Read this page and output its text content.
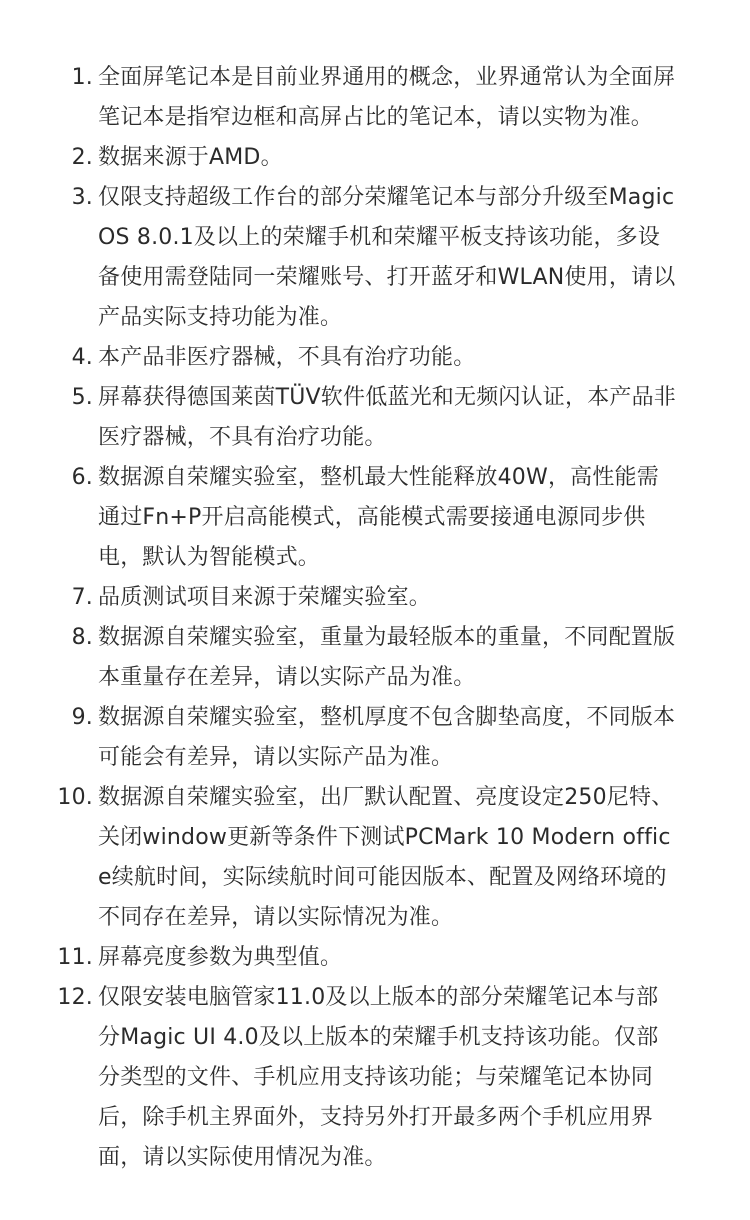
1. 全面屏笔记本是目前业界通用的概念，业界通常认为全面屏笔记本是指窄边框和高屏占比的笔记本，请以实物为准。
2. 数据来源于AMD。
3. 仅限支持超级工作台的部分荣耀笔记本与部分升级至MagicOS 8.0.1及以上的荣耀手机和荣耀平板支持该功能，多设备使用需登陆同一荣耀账号、打开蓝牙和WLAN使用，请以产品实际支持功能为准。
4. 本产品非医疗器械，不具有治疗功能。
5. 屏幕获得德国莱茵TÜV软件低蓝光和无频闪认证，本产品非医疗器械，不具有治疗功能。
6. 数据源自荣耀实验室，整机最大性能释放40W，高性能需通过Fn+P开启高能模式，高能模式需要接通电源同步供电，默认为智能模式。
7. 品质测试项目来源于荣耀实验室。
8. 数据源自荣耀实验室，重量为最轻版本的重量，不同配置版本重量存在差异，请以实际产品为准。
9. 数据源自荣耀实验室，整机厚度不包含脚垫高度，不同版本可能会有差异，请以实际产品为准。
10. 数据源自荣耀实验室，出厂默认配置、亮度设定250尼特、关闭window更新等条件下测试PCMark 10 Modern office续航时间，实际续航时间可能因版本、配置及网络环境的不同存在差异，请以实际情况为准。
11. 屏幕亮度参数为典型值。
12. 仅限安装电脑管家11.0及以上版本的部分荣耀笔记本与部分Magic UI 4.0及以上版本的荣耀手机支持该功能。仅部分类型的文件、手机应用支持该功能；与荣耀笔记本协同后，除手机主界面外，支持另外打开最多两个手机应用界面，请以实际使用情况为准。
